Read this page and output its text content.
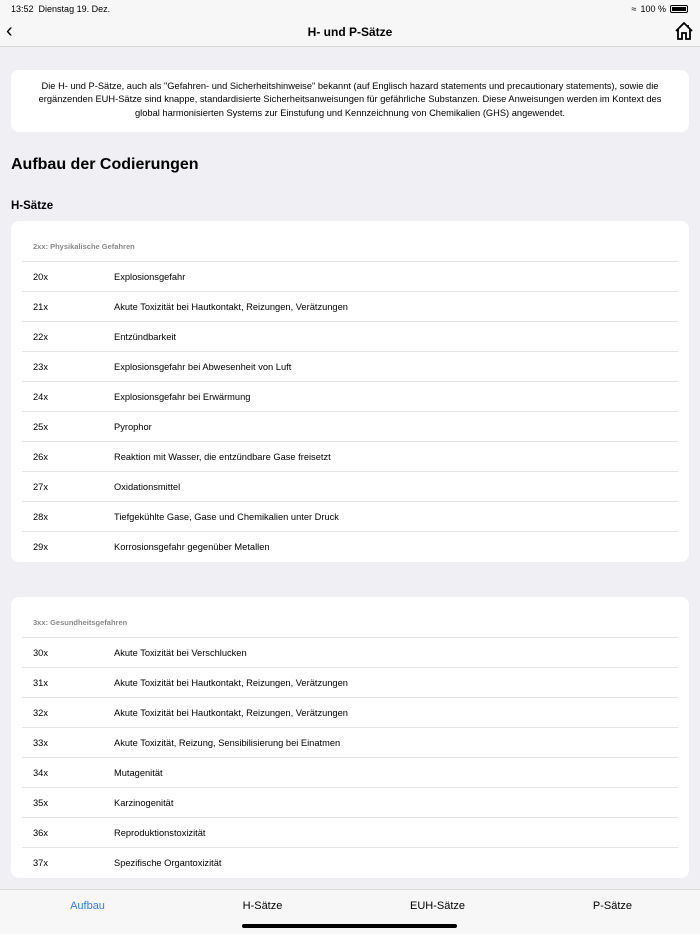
13:52 Dienstag 19. Dez.	≈ 100 %
‹	H- und P-Sätze
Die H- und P-Sätze, auch als "Gefahren- und Sicherheitshinweise" bekannt (auf Englisch hazard statements und precautionary statements), sowie die ergänzenden EUH-Sätze sind knappe, standardisierte Sicherheitsanweisungen für gefährliche Substanzen. Diese Anweisungen werden im Kontext des global harmonisierten Systems zur Einstufung und Kennzeichnung von Chemikalien (GHS) angewendet.
Aufbau der Codierungen
H-Sätze
2xx: Physikalische Gefahren
20x	Explosionsgefahr
21x	Akute Toxizität bei Hautkontakt, Reizungen, Verätzungen
22x	Entzündbarkeit
23x	Explosionsgefahr bei Abwesenheit von Luft
24x	Explosionsgefahr bei Erwärmung
25x	Pyrophor
26x	Reaktion mit Wasser, die entzündbare Gase freisetzt
27x	Oxidationsmittel
28x	Tiefgekühlte Gase, Gase und Chemikalien unter Druck
29x	Korrosionsgefahr gegenüber Metallen
3xx: Gesundheitsgefahren
30x	Akute Toxizität bei Verschlucken
31x	Akute Toxizität bei Hautkontakt, Reizungen, Verätzungen
32x	Akute Toxizität bei Hautkontakt, Reizungen, Verätzungen
33x	Akute Toxizität, Reizung, Sensibilisierung bei Einatmen
34x	Mutagenität
35x	Karzinogenität
36x	Reproduktionstoxizität
37x	Spezifische Organtoxizität
Aufbau	H-Sätze	EUH-Sätze	P-Sätze
